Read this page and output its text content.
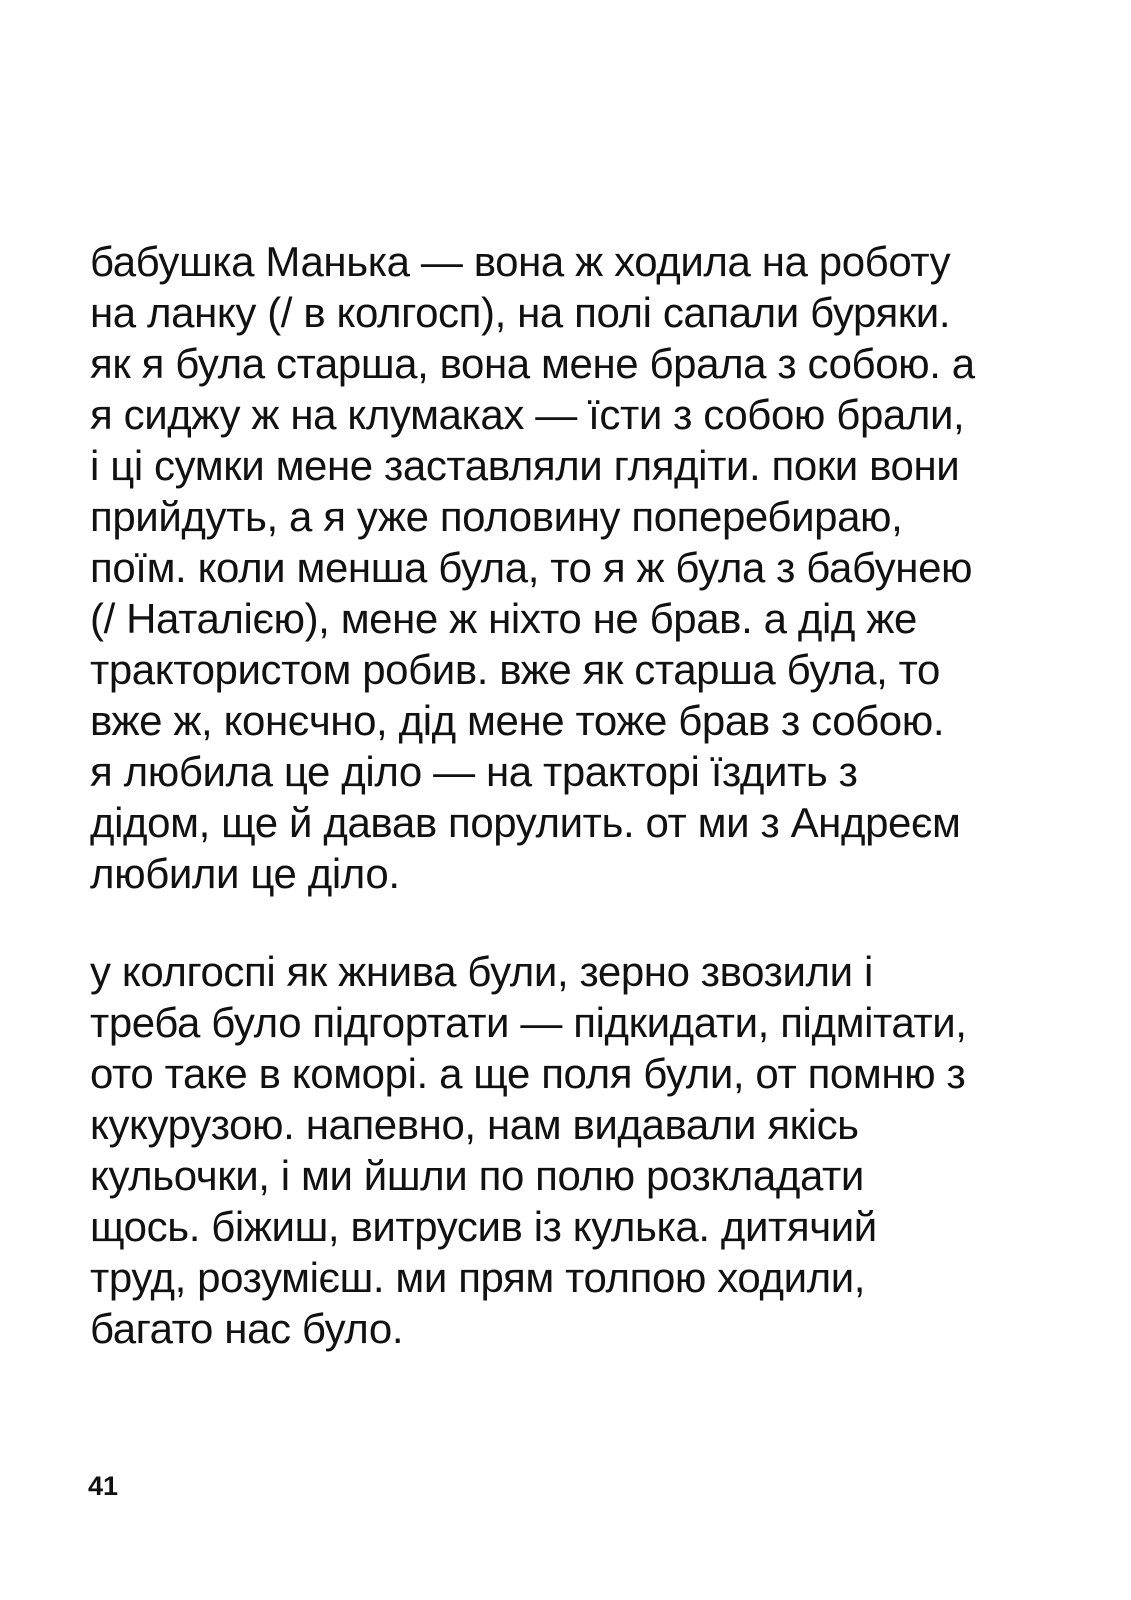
бабушка Манька — вона ж ходила на роботу
на ланку (/ в колгосп), на полі сапали буряки.
як я була старша, вона мене брала з собою. а
я сиджу ж на клумаках — їсти з собою брали,
і ці сумки мене заставляли глядіти. поки вони
прийдуть, а я уже половину поперебираю,
поїм. коли менша була, то я ж була з бабунею
(/ Наталією), мене ж ніхто не брав. а дід же
трактористом робив. вже як старша була, то
вже ж, конєчно, дід мене тоже брав з собою.
я любила це діло — на тракторі їздить з
дідом, ще й давав порулить. от ми з Андреєм
любили це діло.

у колгоспі як жнива були, зерно звозили і
треба було підгортати — підкидати, підмітати,
ото таке в коморі. а ще поля були, от помню з
кукурузою. напевно, нам видавали якісь
кульочки, і ми йшли по полю розкладати
щось. біжиш, витрусив із кулька. дитячий
труд, розумієш. ми прям толпою ходили,
багато нас було.

41
